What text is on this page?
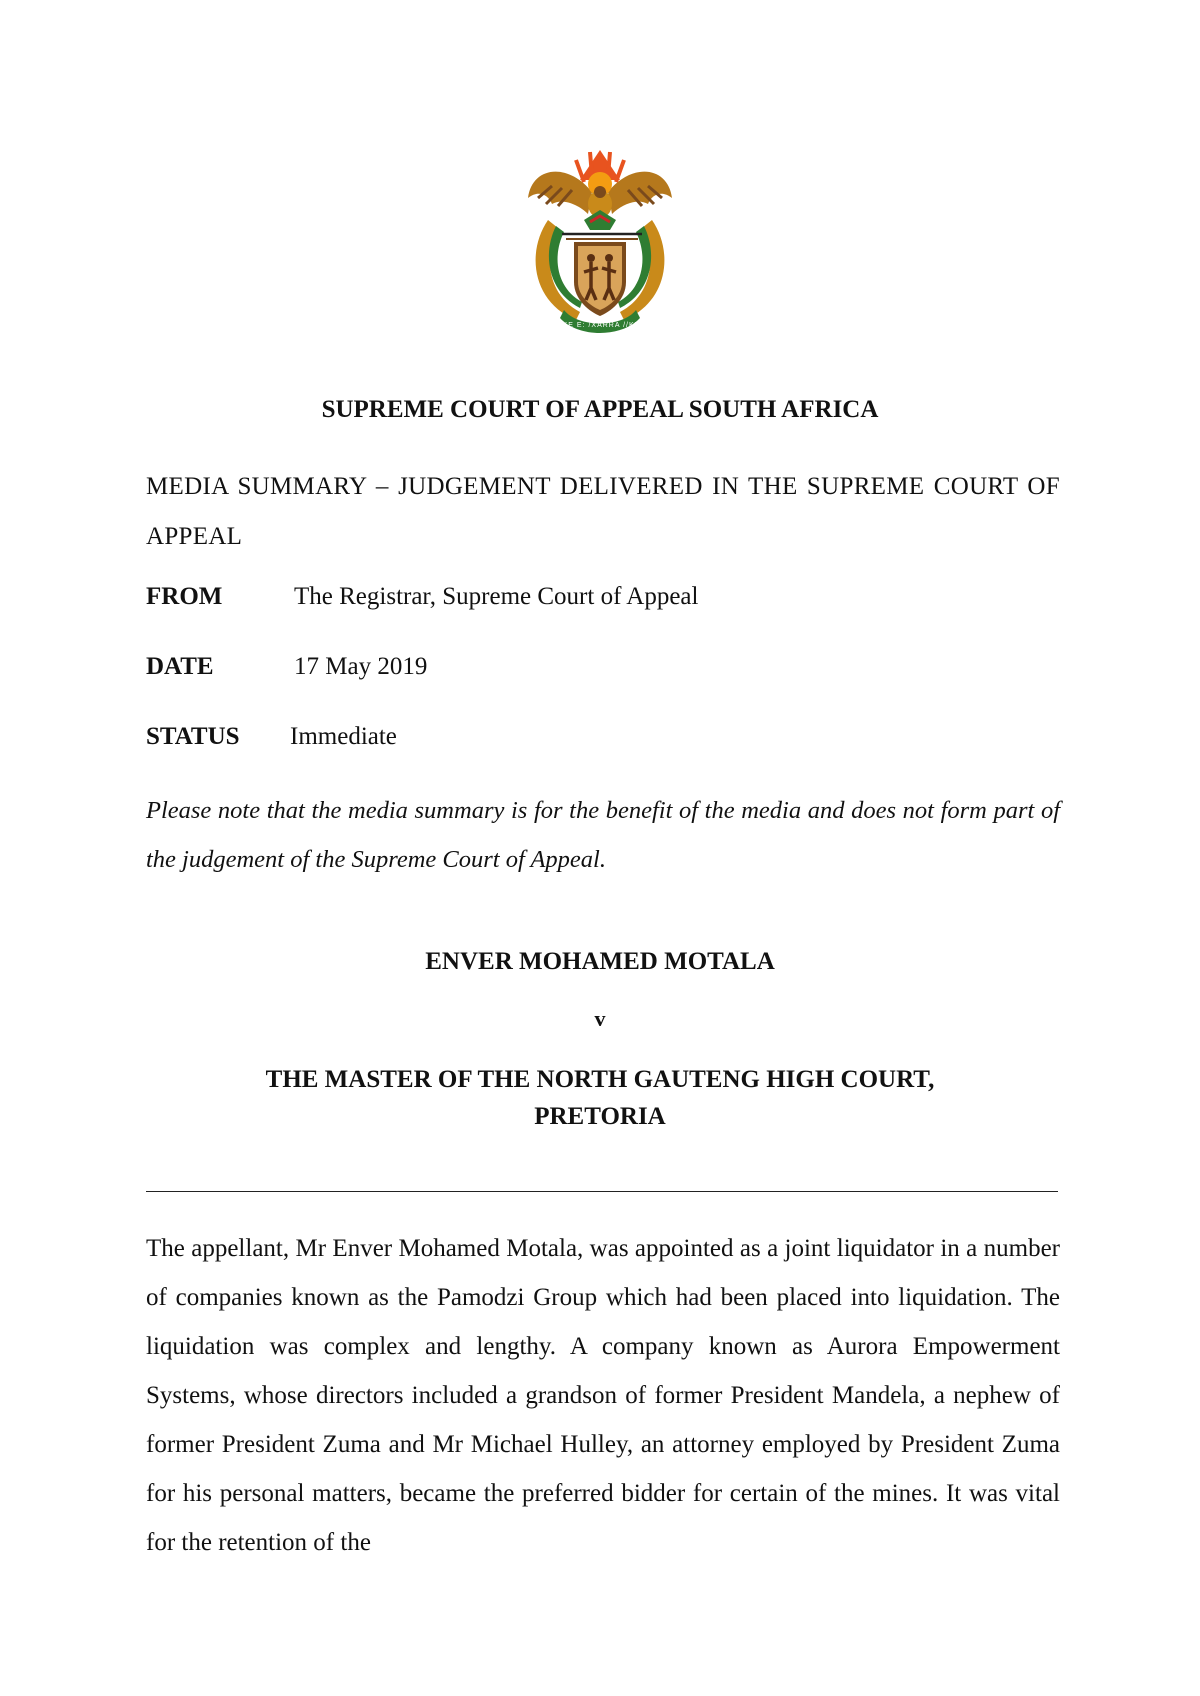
!KE E: /XARRA //KE
SUPREME COURT OF APPEAL SOUTH AFRICA
MEDIA SUMMARY – JUDGEMENT DELIVERED IN THE SUPREME COURT OF APPEAL
FROM	The Registrar, Supreme Court of Appeal
DATE	17 May 2019
STATUS Immediate
Please note that the media summary is for the benefit of the media and does not form part of the judgement of the Supreme Court of Appeal.
ENVER MOHAMED MOTALA
v
THE MASTER OF THE NORTH GAUTENG HIGH COURT,
PRETORIA
The appellant, Mr Enver Mohamed Motala, was appointed as a joint liquidator in a number of companies known as the Pamodzi Group which had been placed into liquidation. The liquidation was complex and lengthy. A company known as Aurora Empowerment Systems, whose directors included a grandson of former President Mandela, a nephew of former President Zuma and Mr Michael Hulley, an attorney employed by President Zuma for his personal matters, became the preferred bidder for certain of the mines. It was vital for the retention of the
